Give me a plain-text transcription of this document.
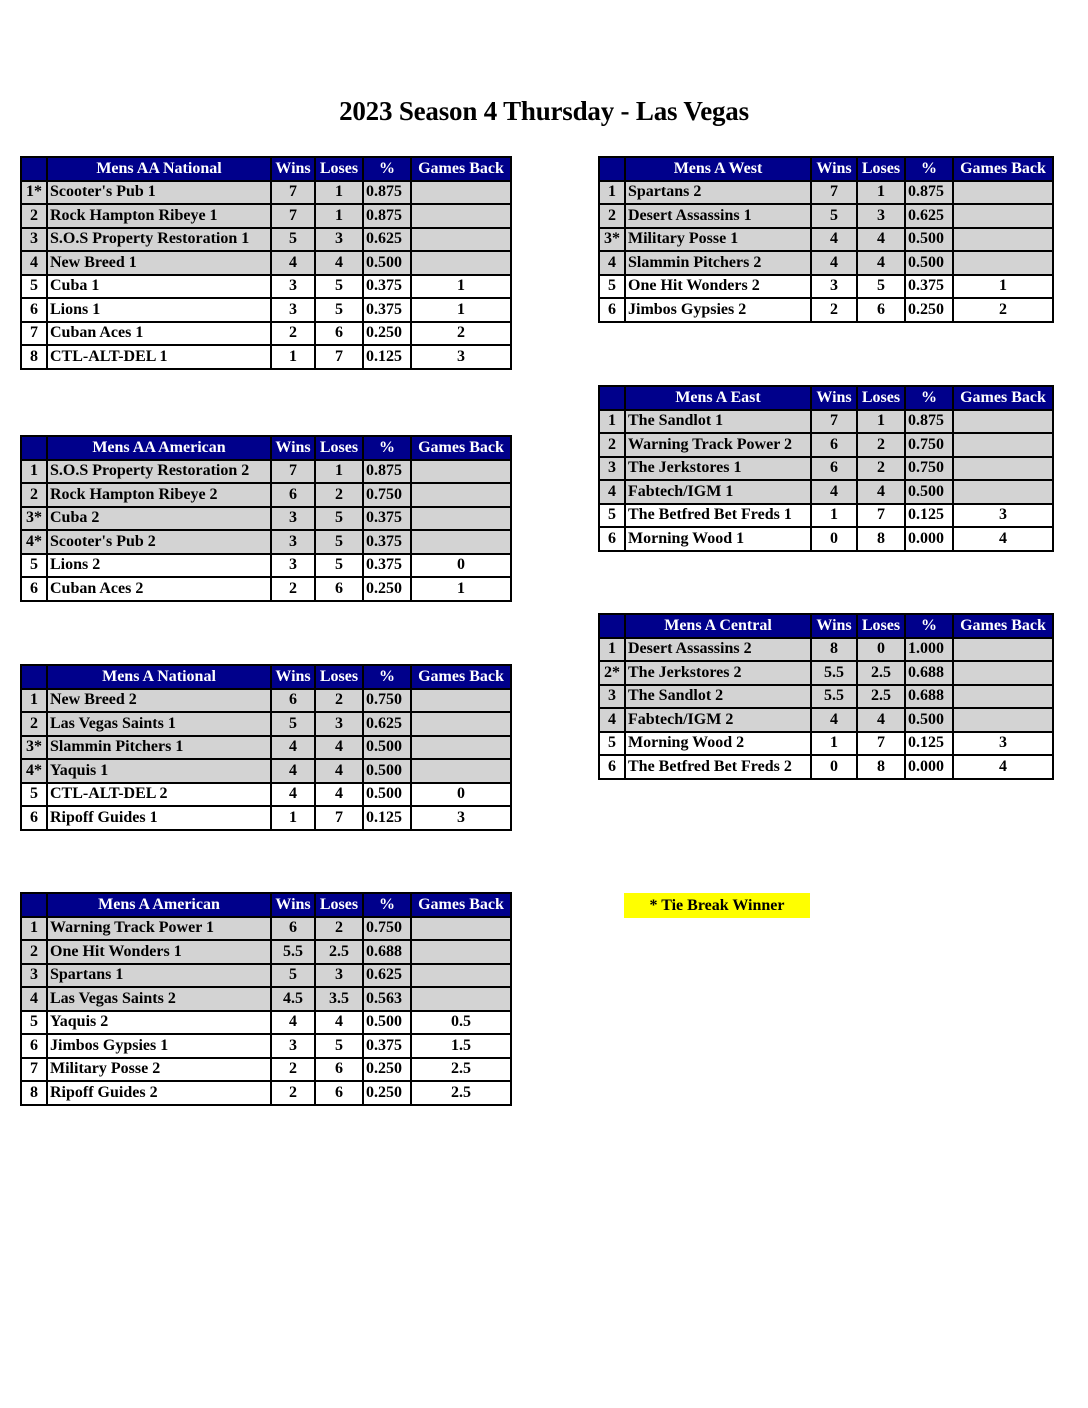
2023 Season 4 Thursday - Las Vegas
	Mens AA National	Wins	Loses	%	Games Back
1*	Scooter's Pub 1	7	1	0.875	
2	Rock Hampton Ribeye 1	7	1	0.875	
3	S.O.S Property Restoration 1	5	3	0.625	
4	New Breed 1	4	4	0.500	
5	Cuba 1	3	5	0.375	1
6	Lions 1	3	5	0.375	1
7	Cuban Aces 1	2	6	0.250	2
8	CTL-ALT-DEL 1	1	7	0.125	3
	Mens AA American	Wins	Loses	%	Games Back
1	S.O.S Property Restoration 2	7	1	0.875	
2	Rock Hampton Ribeye 2	6	2	0.750	
3*	Cuba 2	3	5	0.375	
4*	Scooter's Pub 2	3	5	0.375	
5	Lions 2	3	5	0.375	0
6	Cuban Aces 2	2	6	0.250	1
	Mens A National	Wins	Loses	%	Games Back
1	New Breed 2	6	2	0.750	
2	Las Vegas Saints 1	5	3	0.625	
3*	Slammin Pitchers 1	4	4	0.500	
4*	Yaquis 1	4	4	0.500	
5	CTL-ALT-DEL 2	4	4	0.500	0
6	Ripoff Guides 1	1	7	0.125	3
	Mens A American	Wins	Loses	%	Games Back
1	Warning Track Power 1	6	2	0.750	
2	One Hit Wonders 1	5.5	2.5	0.688	
3	Spartans 1	5	3	0.625	
4	Las Vegas Saints 2	4.5	3.5	0.563	
5	Yaquis 2	4	4	0.500	0.5
6	Jimbos Gypsies 1	3	5	0.375	1.5
7	Military Posse 2	2	6	0.250	2.5
8	Ripoff Guides 2	2	6	0.250	2.5
	Mens A West	Wins	Loses	%	Games Back
1	Spartans 2	7	1	0.875	
2	Desert Assassins 1	5	3	0.625	
3*	Military Posse 1	4	4	0.500	
4	Slammin Pitchers 2	4	4	0.500	
5	One Hit Wonders 2	3	5	0.375	1
6	Jimbos Gypsies 2	2	6	0.250	2
	Mens A East	Wins	Loses	%	Games Back
1	The Sandlot 1	7	1	0.875	
2	Warning Track Power 2	6	2	0.750	
3	The Jerkstores 1	6	2	0.750	
4	Fabtech/IGM 1	4	4	0.500	
5	The Betfred Bet Freds 1	1	7	0.125	3
6	Morning Wood 1	0	8	0.000	4
	Mens A Central	Wins	Loses	%	Games Back
1	Desert Assassins 2	8	0	1.000	
2*	The Jerkstores 2	5.5	2.5	0.688	
3	The Sandlot 2	5.5	2.5	0.688	
4	Fabtech/IGM 2	4	4	0.500	
5	Morning Wood 2	1	7	0.125	3
6	The Betfred Bet Freds 2	0	8	0.000	4
* Tie Break Winner
